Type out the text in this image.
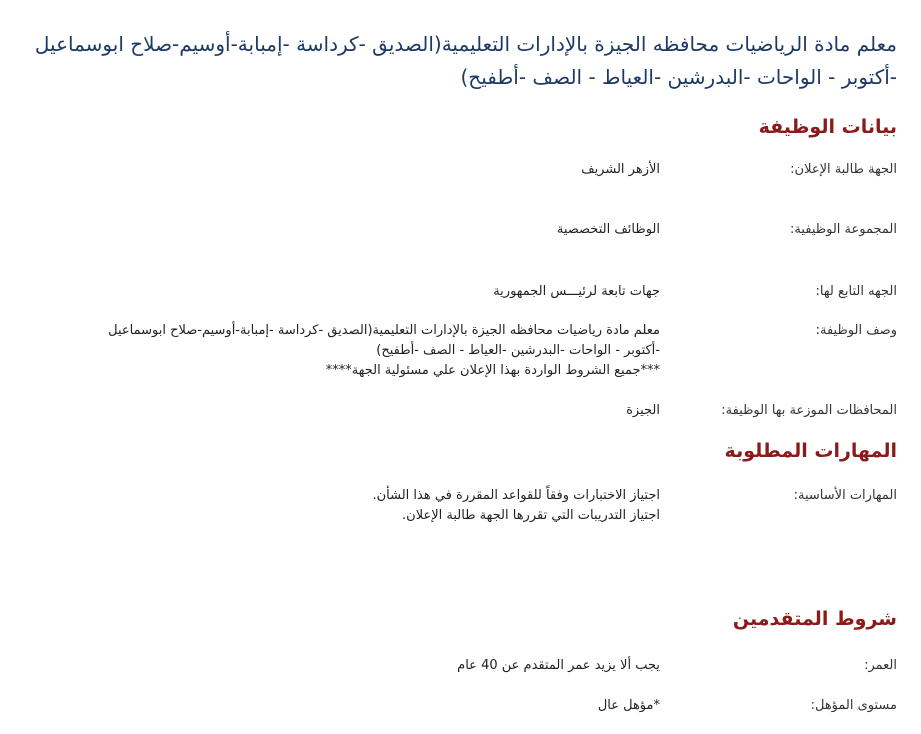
معلم مادة الرياضيات محافظه الجيزة بالإدارات التعليمية(الصديق -كرداسة -إمبابة-أوسيم-صلاح ابوسماعيل -أكتوبر - الواحات -البدرشين -العياط - الصف -أطفيح)
بيانات الوظيفة
الجهة طالبة الإعلان:
الأزهر الشريف
المجموعة الوظيفية:
الوظائف التخصصية
الجهه التابع لها:
جهات تابعة لرئيـــس الجمهورية
وصف الوظيفة:
معلم مادة رياضيات محافظه الجيزة بالإدارات التعليمية(الصديق -كرداسة -إمبابة-أوسيم-صلاح ابوسماعيل
-أكتوبر - الواحات -البدرشين -العياط - الصف -أطفيح)
***جميع الشروط الواردة بهذا الإعلان علي مسئولية الجهة****
المحافظات الموزعة بها الوظيفة:
الجيزة
المهارات المطلوبة
المهارات الأساسية:
اجتياز الاختبارات وفقاً للقواعد المقررة في هذا الشأن.
اجتياز التدريبات التي تقررها الجهة طالبة الإعلان.
شروط المتقدمين
العمر:
يجب ألا يزيد عمر المتقدم عن 40 عام
مستوى المؤهل:
*مؤهل عال
